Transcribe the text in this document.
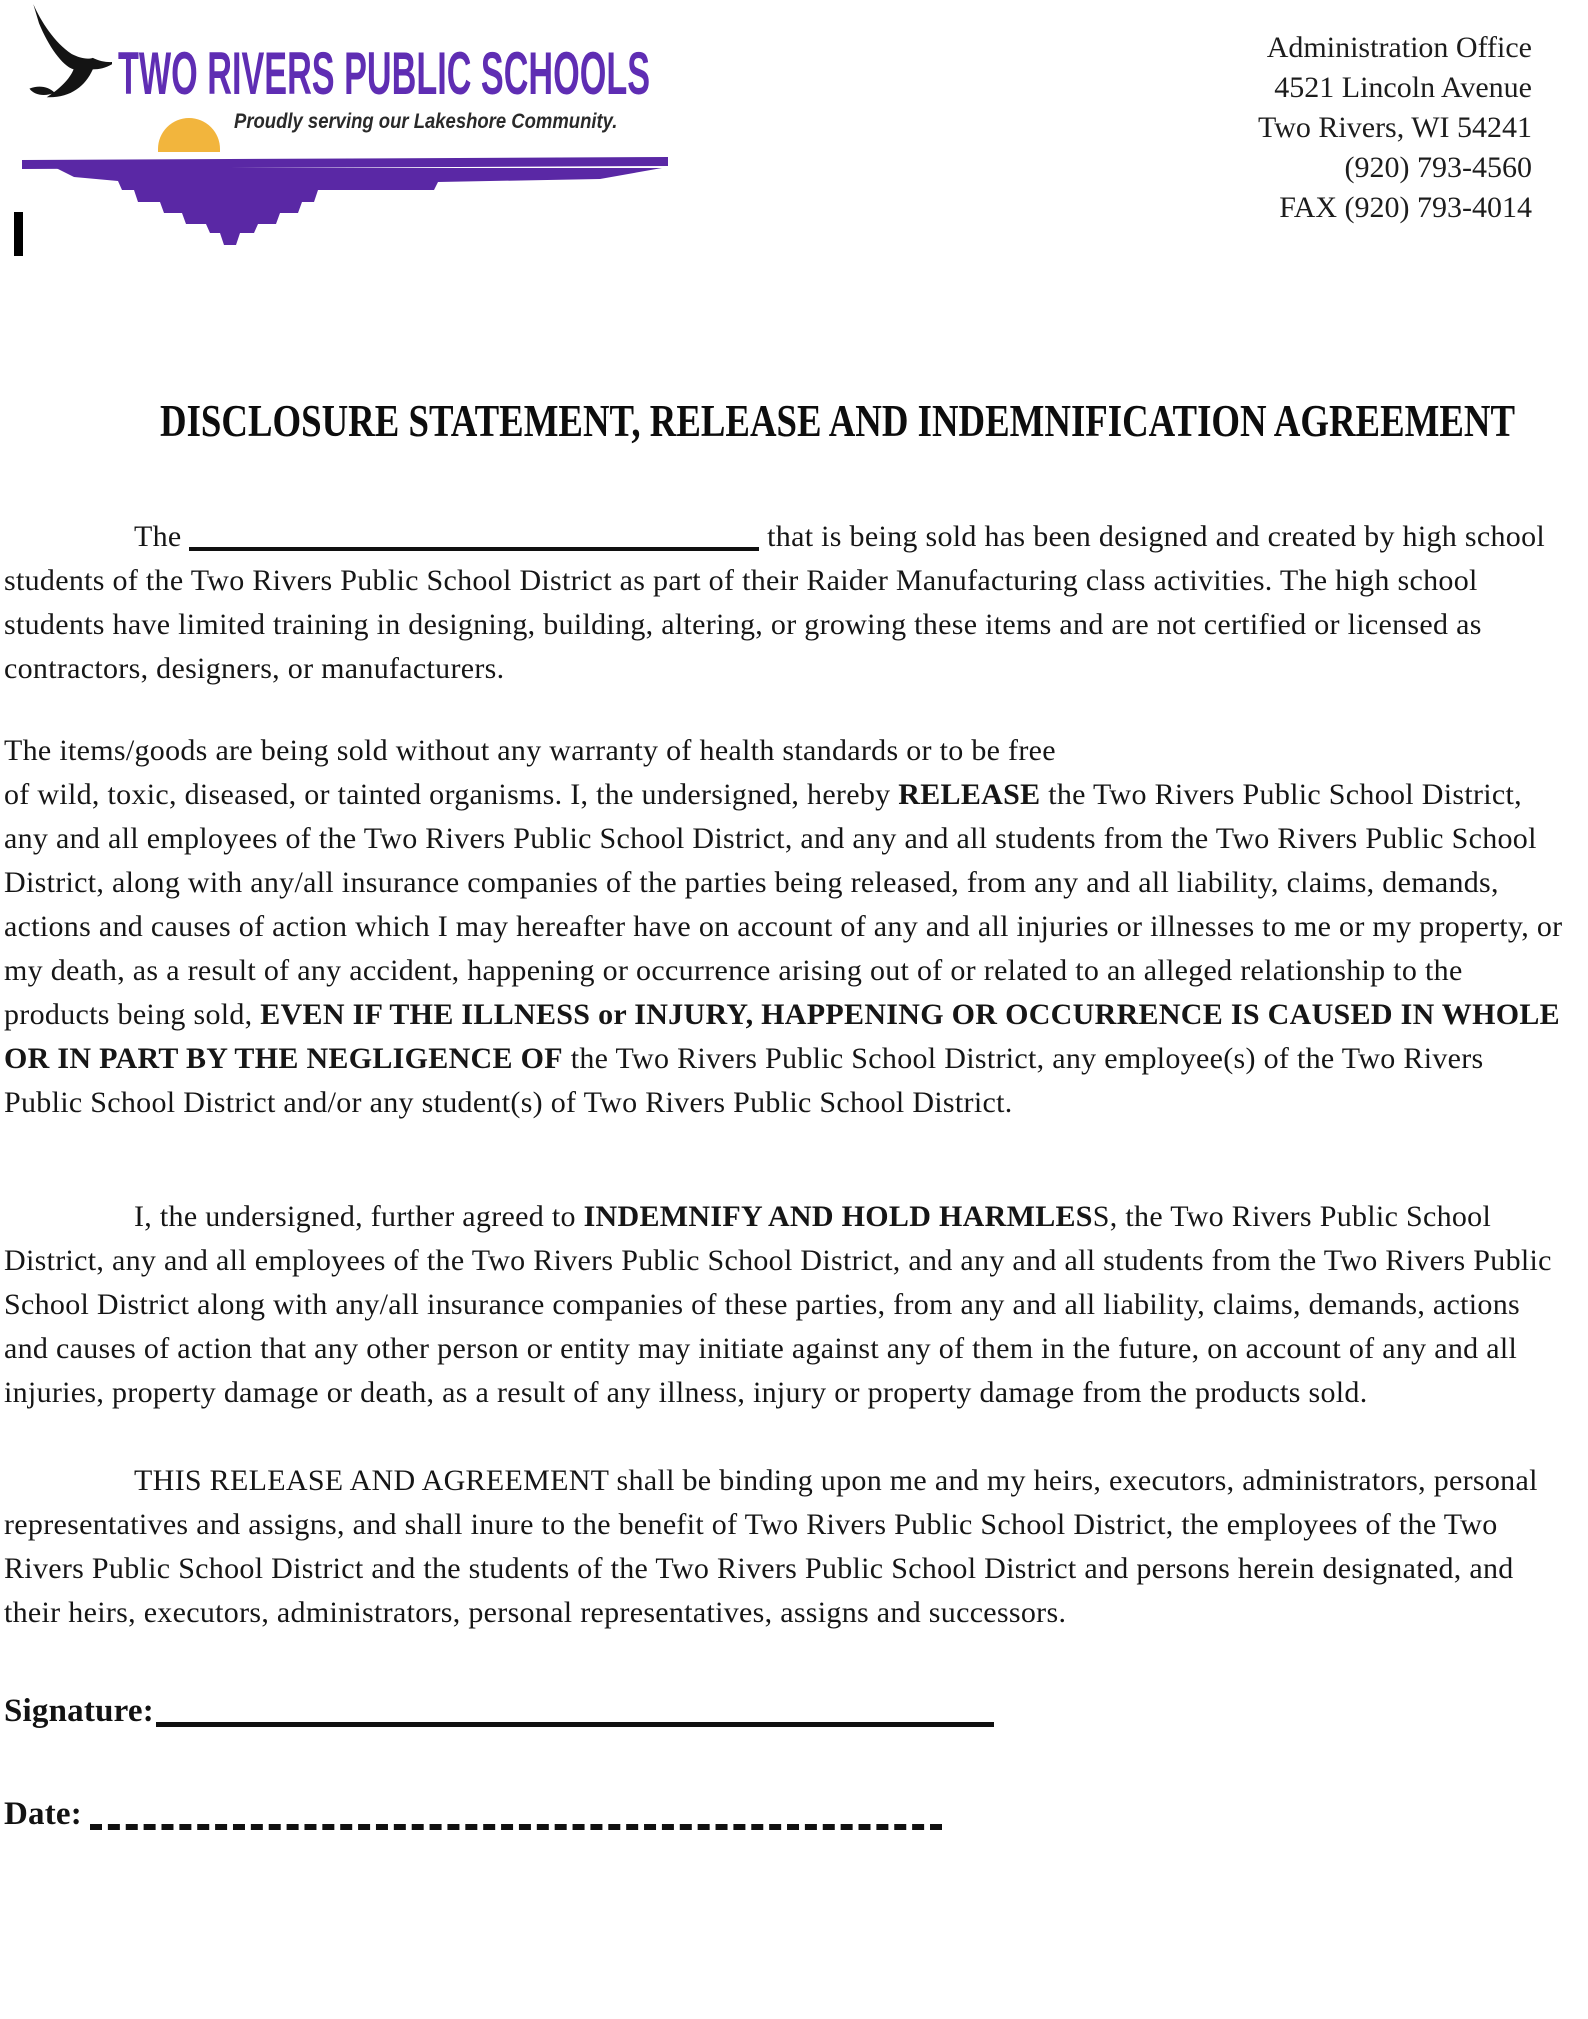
TWO RIVERS PUBLIC SCHOOLS
Proudly serving our Lakeshore Community.
Administration Office
4521 Lincoln Avenue
Two Rivers, WI 54241
(920) 793-4560
FAX (920) 793-4014
DISCLOSURE STATEMENT, RELEASE AND INDEMNIFICATION AGREEMENT

The	that is being sold has been designed and created by high school students of the Two Rivers Public School District as part of their Raider Manufacturing class activities. The high school students have limited training in designing, building, altering, or growing these items and are not certified or licensed as contractors, designers, or manufacturers.

The items/goods are being sold without any warranty of health standards or to be free
of wild, toxic, diseased, or tainted organisms. I, the undersigned, hereby RELEASE the Two Rivers Public School District, any and all employees of the Two Rivers Public School District, and any and all students from the Two Rivers Public School District, along with any/all insurance companies of the parties being released, from any and all liability, claims, demands, actions and causes of action which I may hereafter have on account of any and all injuries or illnesses to me or my property, or my death, as a result of any accident, happening or occurrence arising out of or related to an alleged relationship to the products being sold, EVEN IF THE ILLNESS or INJURY, HAPPENING OR OCCURRENCE IS CAUSED IN WHOLE OR IN PART BY THE NEGLIGENCE OF the Two Rivers Public School District, any employee(s) of the Two Rivers Public School District and/or any student(s) of Two Rivers Public School District.

I, the undersigned, further agreed to INDEMNIFY AND HOLD HARMLESS, the Two Rivers Public School District, any and all employees of the Two Rivers Public School District, and any and all students from the Two Rivers Public School District along with any/all insurance companies of these parties, from any and all liability, claims, demands, actions and causes of action that any other person or entity may initiate against any of them in the future, on account of any and all injuries, property damage or death, as a result of any illness, injury or property damage from the products sold.

THIS RELEASE AND AGREEMENT shall be binding upon me and my heirs, executors, administrators, personal representatives and assigns, and shall inure to the benefit of Two Rivers Public School District, the employees of the Two Rivers Public School District and the students of the Two Rivers Public School District and persons herein designated, and their heirs, executors, administrators, personal representatives, assigns and successors.

Signature:
Date:
